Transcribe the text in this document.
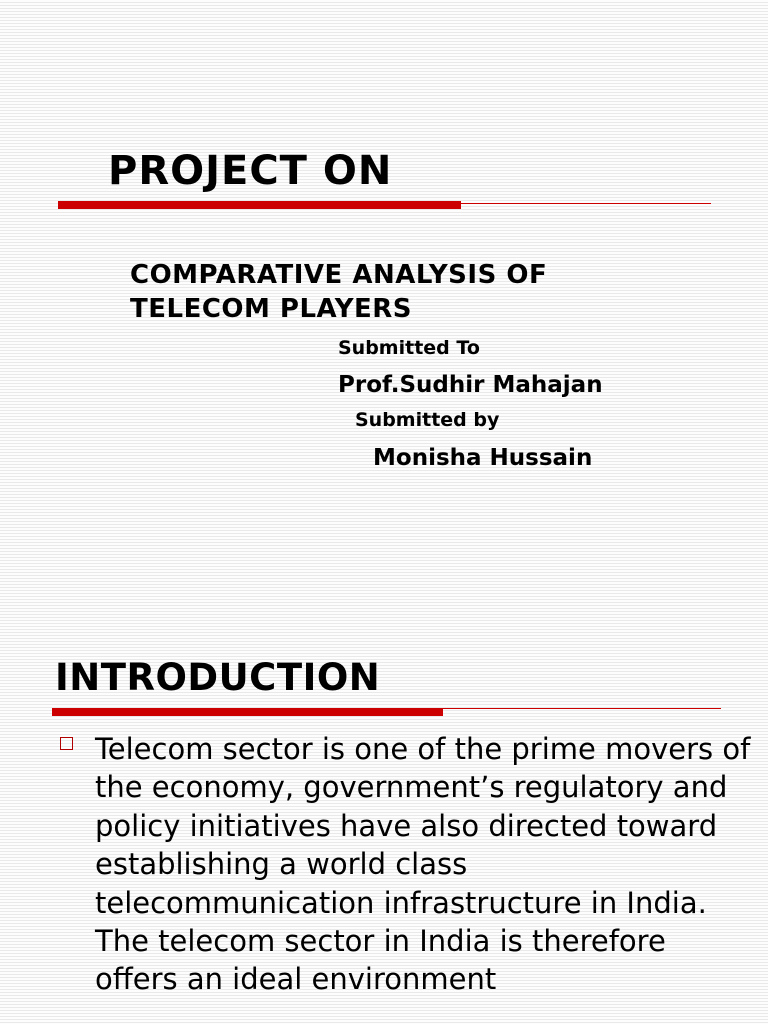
PROJECT ON

COMPARATIVE ANALYSIS OF

TELECOM PLAYERS

Submitted To

Prof.Sudhir Mahajan

Submitted by

Monisha Hussain

INTRODUCTION

Telecom sector is one of the prime movers of the economy, government’s regulatory and policy initiatives have also directed toward establishing a world class telecommunication infrastructure in India. The telecom sector in India is therefore offers an ideal environment
